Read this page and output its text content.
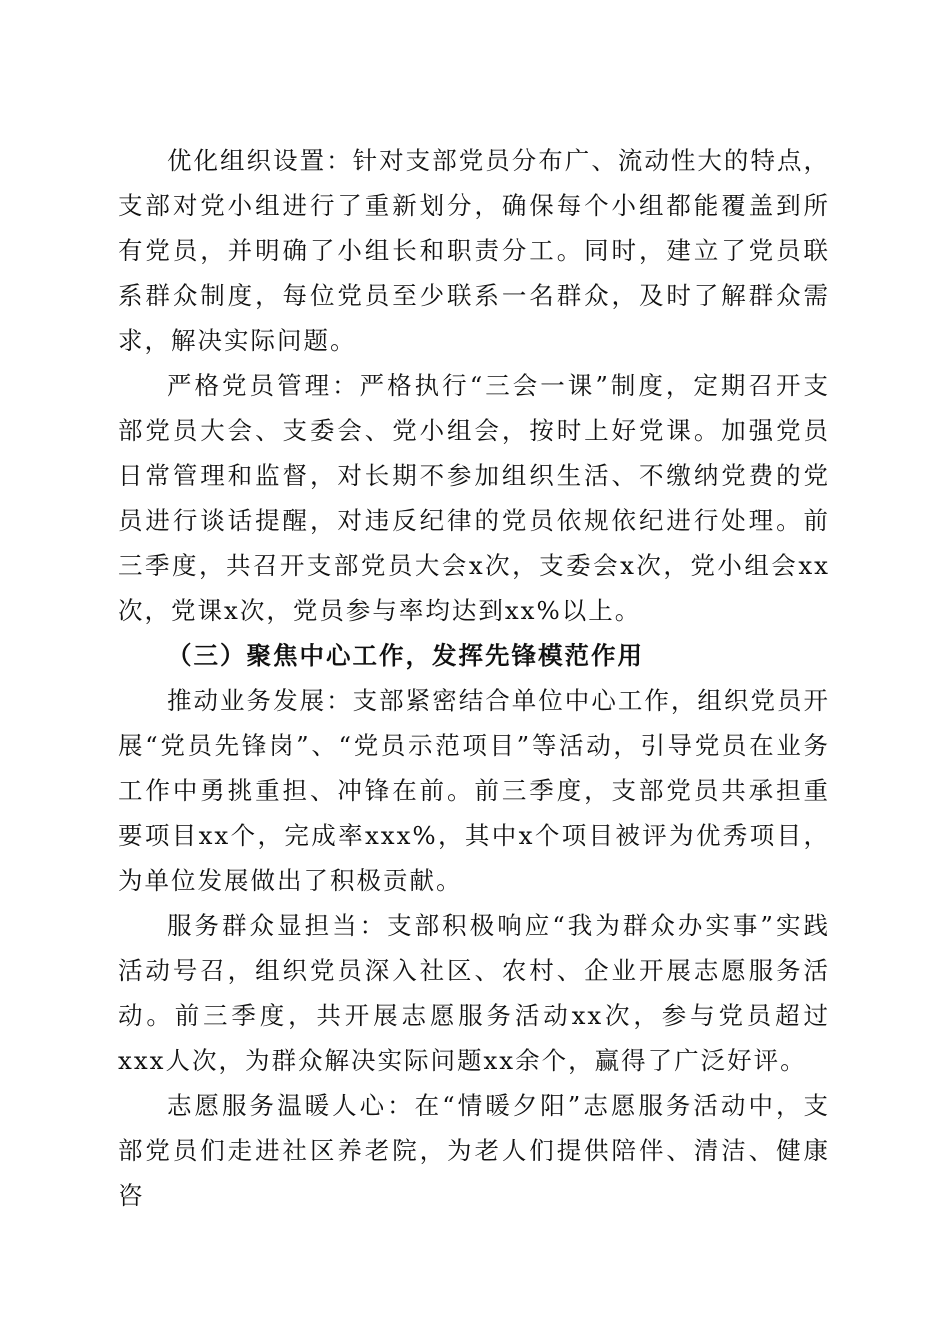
优化组织设置：针对支部党员分布广、流动性大的特点，支部对党小组进行了重新划分，确保每个小组都能覆盖到所有党员，并明确了小组长和职责分工。同时，建立了党员联系群众制度，每位党员至少联系一名群众，及时了解群众需求，解决实际问题。

严格党员管理：严格执行“三会一课”制度，定期召开支部党员大会、支委会、党小组会，按时上好党课。加强党员日常管理和监督，对长期不参加组织生活、不缴纳党费的党员进行谈话提醒，对违反纪律的党员依规依纪进行处理。前三季度，共召开支部党员大会x次，支委会x次，党小组会xx次，党课x次，党员参与率均达到xx%以上。

（三）聚焦中心工作，发挥先锋模范作用

推动业务发展：支部紧密结合单位中心工作，组织党员开展“党员先锋岗”、“党员示范项目”等活动，引导党员在业务工作中勇挑重担、冲锋在前。前三季度，支部党员共承担重要项目xx个，完成率xxx%，其中x个项目被评为优秀项目，为单位发展做出了积极贡献。

服务群众显担当：支部积极响应“我为群众办实事”实践活动号召，组织党员深入社区、农村、企业开展志愿服务活动。前三季度，共开展志愿服务活动xx次，参与党员超过xxx人次，为群众解决实际问题xx余个，赢得了广泛好评。

志愿服务温暖人心：在“情暖夕阳”志愿服务活动中，支部党员们走进社区养老院，为老人们提供陪伴、清洁、健康咨
